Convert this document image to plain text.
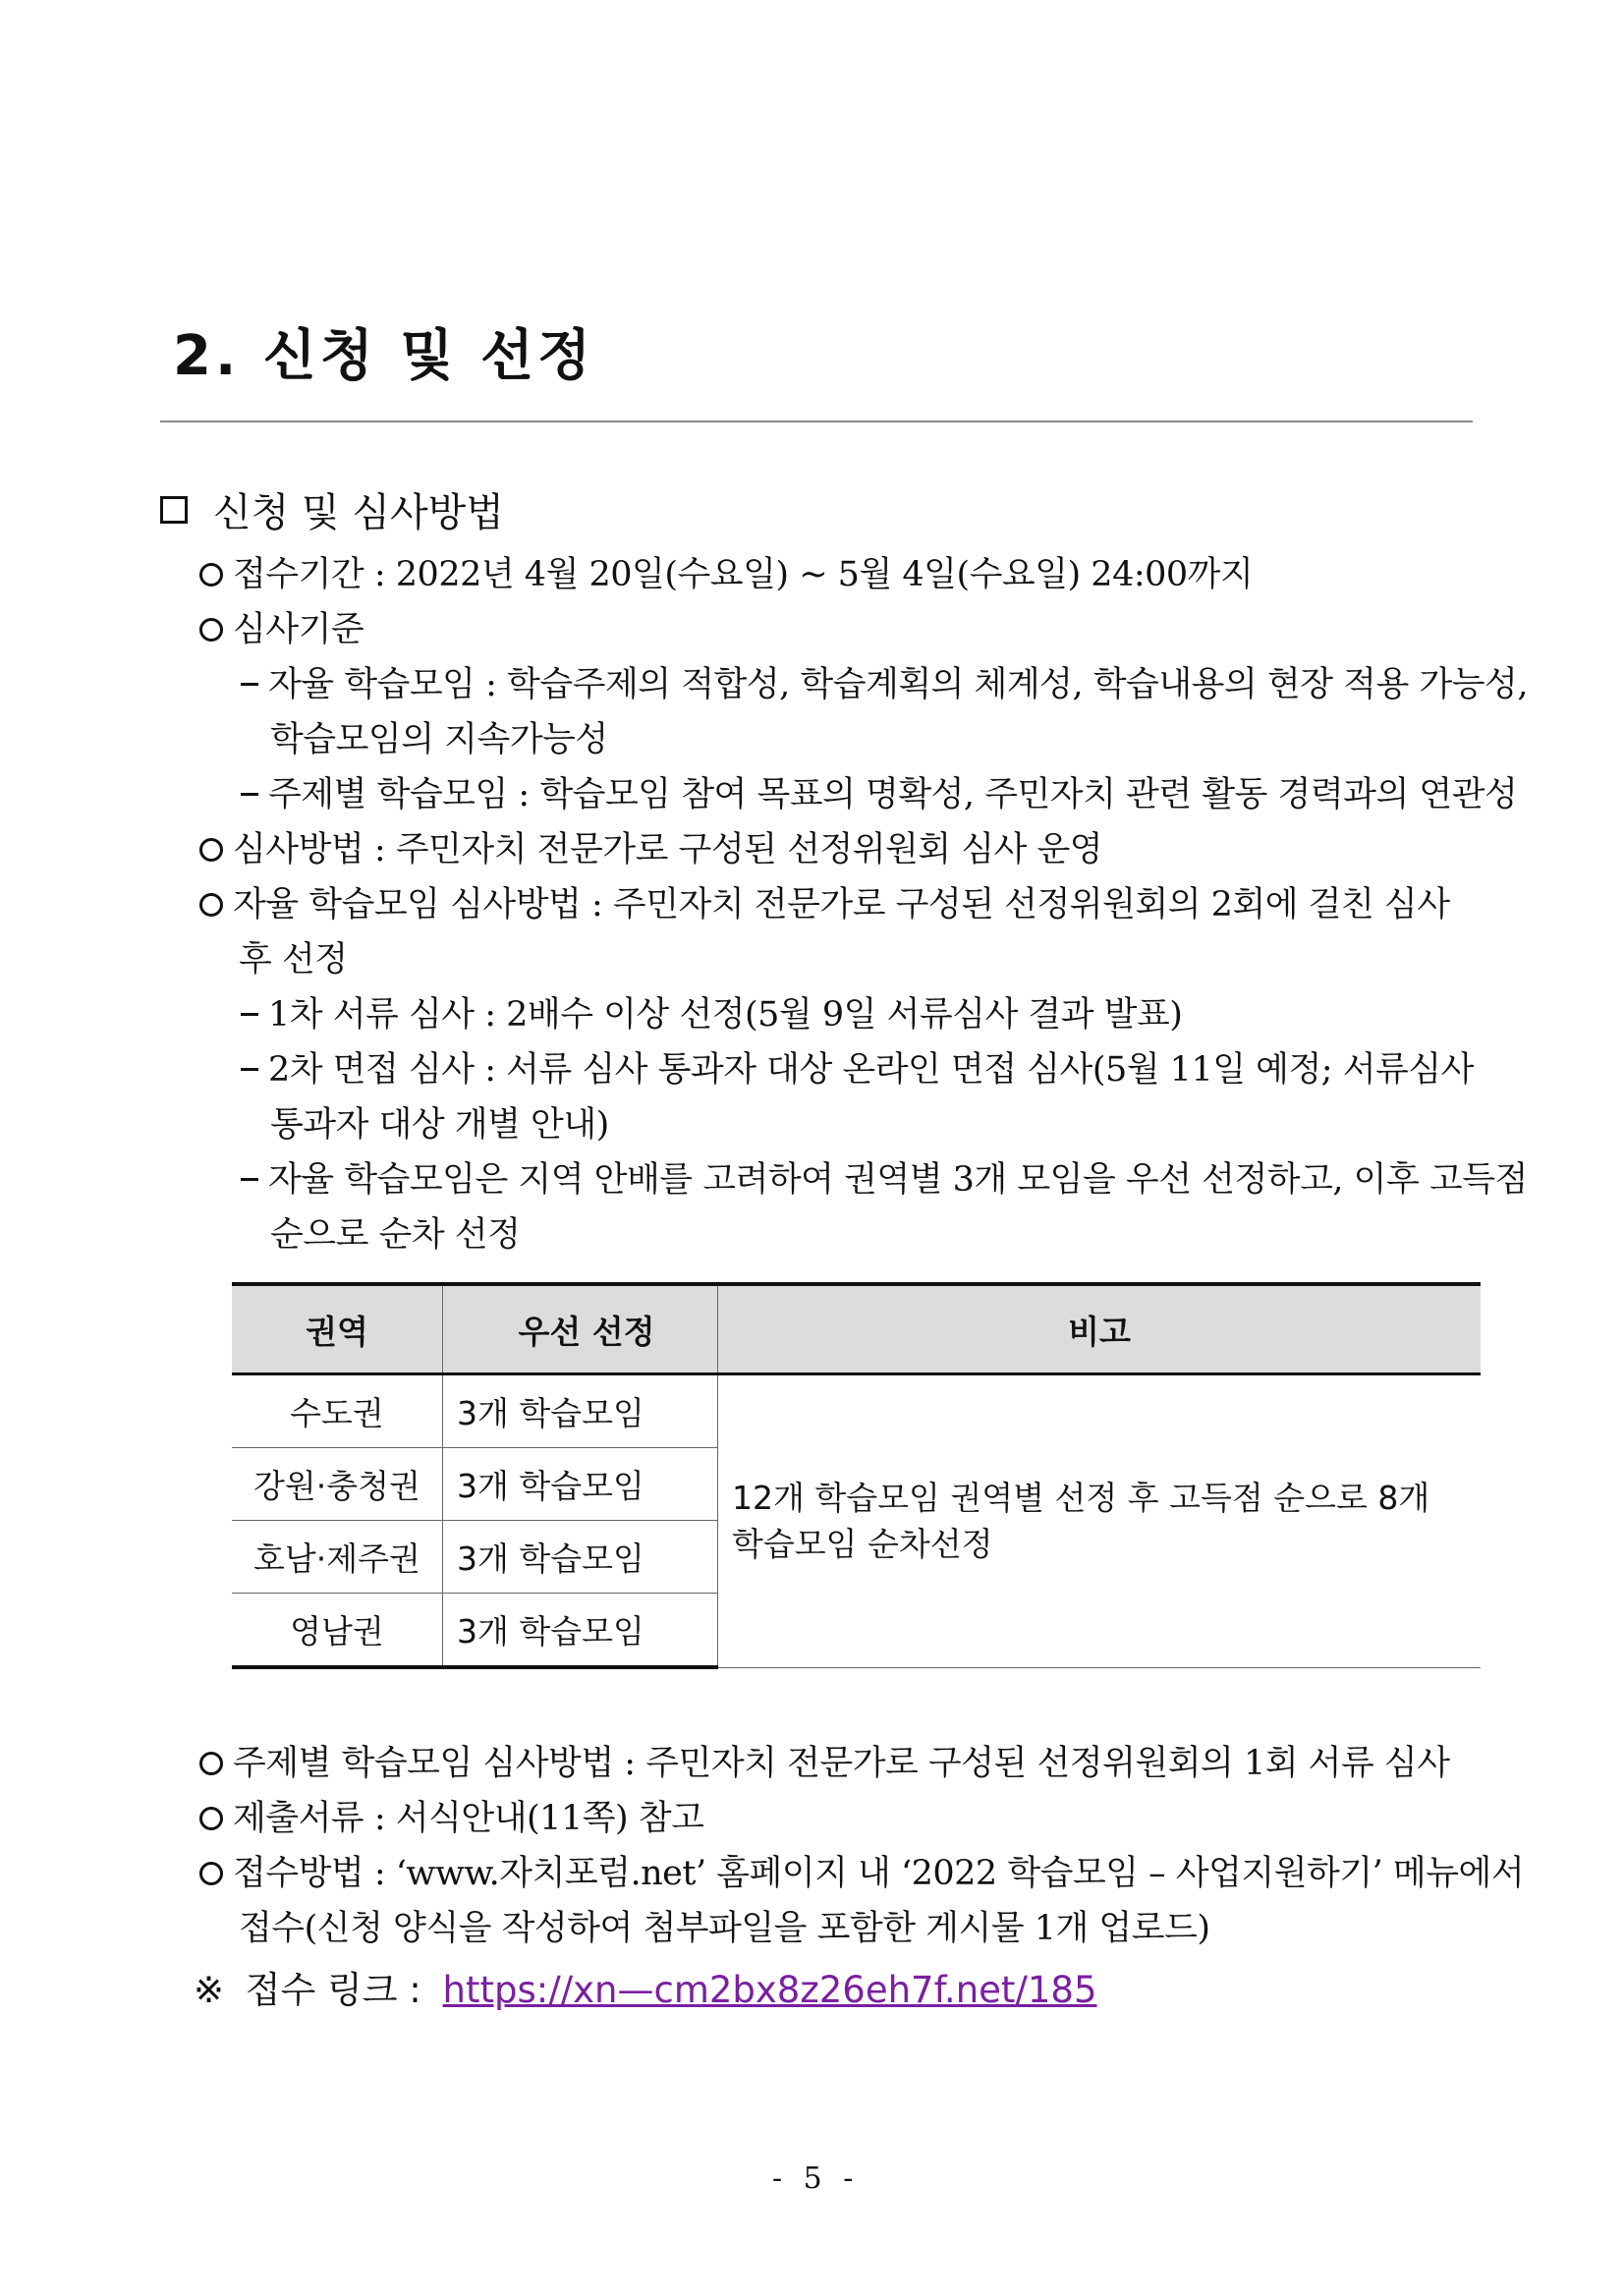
2. 신청 및 선정
신청 및 심사방법
접수기간 : 2022년 4월 20일(수요일) ~ 5월 4일(수요일) 24:00까지
심사기준
자율 학습모임 : 학습주제의 적합성, 학습계획의 체계성, 학습내용의 현장 적용 가능성,
학습모임의 지속가능성
주제별 학습모임 : 학습모임 참여 목표의 명확성, 주민자치 관련 활동 경력과의 연관성
심사방법 : 주민자치 전문가로 구성된 선정위원회 심사 운영
자율 학습모임 심사방법 : 주민자치 전문가로 구성된 선정위원회의 2회에 걸친 심사
후 선정
1차 서류 심사 : 2배수 이상 선정(5월 9일 서류심사 결과 발표)
2차 면접 심사 : 서류 심사 통과자 대상 온라인 면접 심사(5월 11일 예정; 서류심사
통과자 대상 개별 안내)
자율 학습모임은 지역 안배를 고려하여 권역별 3개 모임을 우선 선정하고, 이후 고득점
순으로 순차 선정
권역	우선 선정	비고
수도권	3개 학습모임	12개 학습모임 권역별 선정 후 고득점 순으로 8개 학습모임 순차선정
강원·충청권	3개 학습모임	
호남·제주권	3개 학습모임	
영남권	3개 학습모임	
주제별 학습모임 심사방법 : 주민자치 전문가로 구성된 선정위원회의 1회 서류 심사
제출서류 : 서식안내(11쪽) 참고
접수방법 : ‘www.자치포럼.net’ 홈페이지 내 ‘2022 학습모임 – 사업지원하기’ 메뉴에서
접수(신청 양식을 작성하여 첨부파일을 포함한 게시물 1개 업로드)
※ 접수 링크 : https://xn—cm2bx8z26eh7f.net/185
- 5 -
